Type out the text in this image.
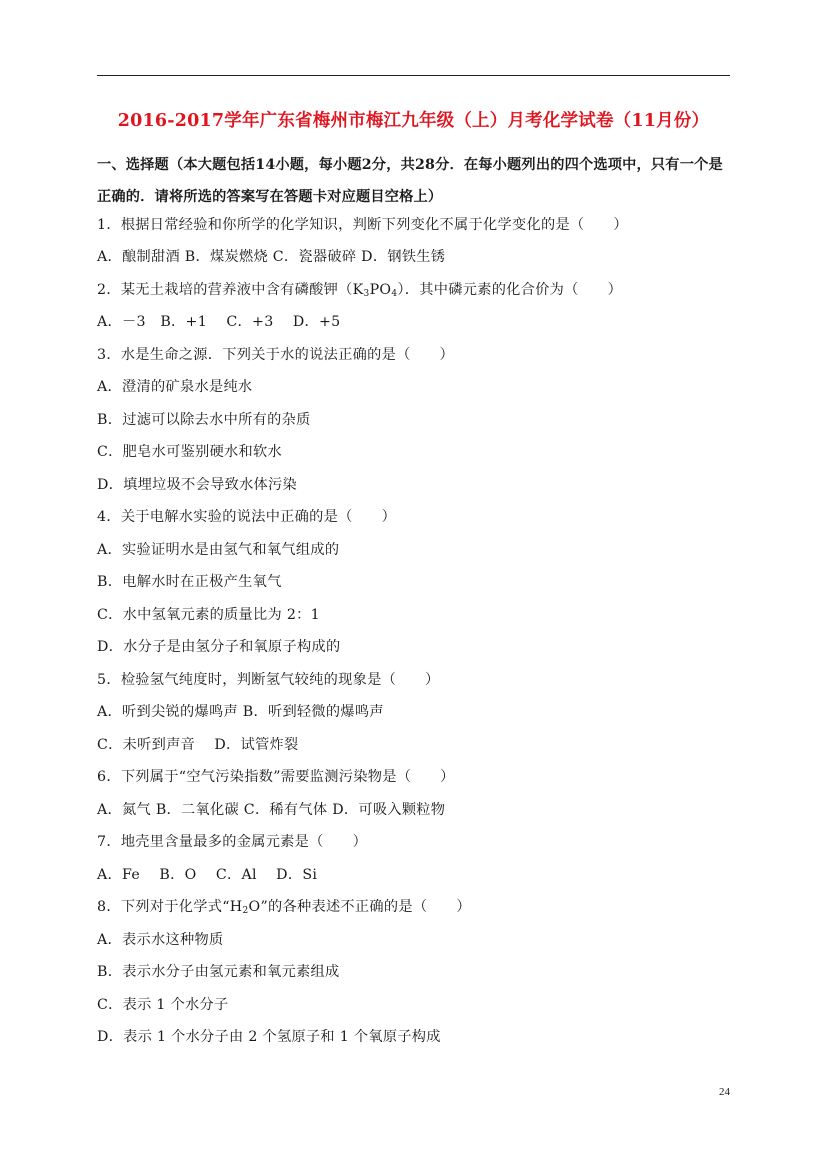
2016-2017学年广东省梅州市梅江九年级（上）月考化学试卷（11月份）
一、选择题（本大题包括14小题，每小题2分，共28分．在每小题列出的四个选项中，只有一个是正确的．请将所选的答案写在答题卡对应题目空格上）
1．根据日常经验和你所学的化学知识，判断下列变化不属于化学变化的是（　　）
A．酿制甜酒 B．煤炭燃烧 C．瓷器破碎 D．钢铁生锈
2．某无土栽培的营养液中含有磷酸钾$(K_3PO_4)$．其中磷元素的化合价为（　　）
A．－3　B．+1　 C．+3　 D．+5
3．水是生命之源．下列关于水的说法正确的是（　　）
A．澄清的矿泉水是纯水
B．过滤可以除去水中所有的杂质
C．肥皂水可鉴别硬水和软水
D．填埋垃圾不会导致水体污染
4．关于电解水实验的说法中正确的是（　　）
A．实验证明水是由氢气和氧气组成的
B．电解水时在正极产生氧气
C．水中氢氧元素的质量比为 2：1
D．水分子是由氢分子和氧原子构成的
5．检验氢气纯度时，判断氢气较纯的现象是（　　）
A．听到尖锐的爆鸣声 B．听到轻微的爆鸣声
C．未听到声音　 D．试管炸裂
6．下列属于“空气污染指数”需要监测污染物是（　　）
A．氮气 B．二氧化碳 C．稀有气体 D．可吸入颗粒物
7．地壳里含量最多的金属元素是（　　）
A．Fe　 B．O　 C．Al　 D．Si
8．下列对于化学式“$H_2O$”的各种表述不正确的是（　　）
A．表示水这种物质
B．表示水分子由氢元素和氧元素组成
C．表示 1 个水分子
D．表示 1 个水分子由 2 个氢原子和 1 个氧原子构成
24
